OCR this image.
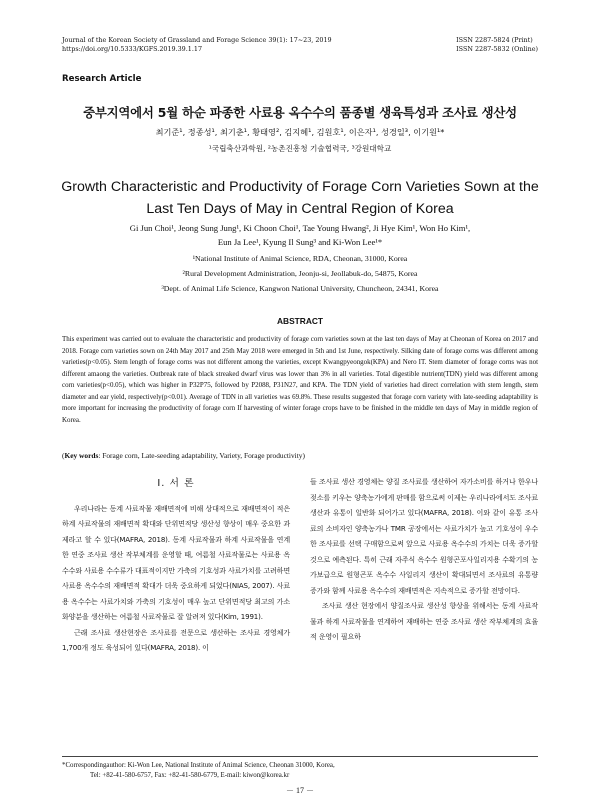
Journal of the Korean Society of Grassland and Forage Science 39(1): 17~23, 2019
https://doi.org/10.5333/KGFS.2019.39.1.17
ISSN 2287-5824 (Print)
ISSN 2287-5832 (Online)
Research Article
중부지역에서 5월 하순 파종한 사료용 옥수수의 품종별 생육특성과 조사료 생산성
최기준¹, 정종성¹, 최기춘¹, 황태영², 김지혜¹, 김원호¹, 이은자¹, 성경일³, 이기원¹*
¹국립축산과학원, ²농촌진흥청 기술협력국, ³강원대학교
Growth Characteristic and Productivity of Forage Corn Varieties Sown at the
Last Ten Days of May in Central Region of Korea
Gi Jun Choi¹, Jeong Sung Jung¹, Ki Choon Choi¹, Tae Young Hwang², Ji Hye Kim¹, Won Ho Kim¹,
Eun Ja Lee¹, Kyung Il Sung³ and Ki-Won Lee¹*
¹National Institute of Animal Science, RDA, Cheonan, 31000, Korea
²Rural Development Administration, Jeonju-si, Jeollabuk-do, 54875, Korea
³Dept. of Animal Life Science, Kangwon National University, Chuncheon, 24341, Korea
ABSTRACT
This experiment was carried out to evaluate the characteristic and productivity of forage corn varieties sown at the last ten days of May at Cheonan of Korea on 2017 and 2018. Forage corn varieties sown on 24th May 2017 and 25th May 2018 were emerged in 5th and 1st June, respectively. Silking date of forage corns was different among varieties(p<0.05). Stem length of forage corns was not different among the varieties, except Kwangpyeongok(KPA) and Nero IT. Stem diameter of forage corns was not different amaong the varieties. Outbreak rate of black streaked dwarf virus was lower than 3% in all varieties. Total digestible nutrient(TDN) yield was different among corn varieties(p<0.05), which was higher in P32P75, followed by P2088, P31N27, and KPA. The TDN yield of varieties had direct correlation with stem length, stem diameter and ear yield, respectively(p<0.01). Average of TDN in all varieties was 69.8%. These results suggested that forage corn variety with late-seeding adaptability is more important for increasing the productivity of forage corn If harvesting of winter forage crops have to be finished in the middle ten days of May in middle region of Korea.
(Key words: Forage corn, Late-seeding adaptability, Variety, Forage productivity)
Ⅰ. 서 론

우리나라는 동계 사료작물 재배면적에 비해 상대적으로 재배면적이 적은 하계 사료작물의 재배면적 확대와 단위면적당 생산성 향상이 매우 중요한 과제라고 할 수 있다(MAFRA, 2018). 동계 사료작물과 하계 사료작물을 연계한 연중 조사료 생산 작부체계를 운영할 때, 여름철 사료작물로는 사료용 옥수수와 사료용 수수류가 대표적이지만 가축의 기호성과 사료가치를 고려하면 사료용 옥수수의 재배면적 확대가 더욱 중요하게 되었다(NIAS, 2007). 사료용 옥수수는 사료가치와 가축의 기호성이 매우 높고 단위면적당 최고의 가소화양분을 생산하는 여름철 사료작물로 잘 알려져 있다(Kim, 1991).

근래 조사료 생산현장은 조사료를 전문으로 생산하는 조사료 경영체가 1,700개 정도 육성되어 있다(MAFRA, 2018). 이

들 조사료 생산 경영체는 양질 조사료를 생산하여 자가소비를 하거나 한우나 젖소를 키우는 양축농가에게 판매를 함으로써 이제는 우리나라에서도 조사료 생산과 유통이 일반화 되어가고 있다(MAFRA, 2018). 이와 같이 유통 조사료의 소비자인 양축농가나 TMR 공장에서는 사료가치가 높고 기호성이 우수한 조사료를 선택 구매함으로써 앞으로 사료용 옥수수의 가치는 더욱 증가할 것으로 예측된다. 특히 근래 자주식 옥수수 원형곤포사일리지용 수확기의 농가보급으로 원형곤포 옥수수 사일리지 생산이 확대되면서 조사료의 유통량 증가와 함께 사료용 옥수수의 재배면적은 지속적으로 증가할 전망이다.

조사료 생산 현장에서 양질조사료 생산성 향상을 위해서는 동계 사료작물과 하계 사료작물을 연계하여 재배하는 연중 조사료 생산 작부체계의 효율적 운영이 필요하

*Correspondingauthor: Ki-Won Lee, National Institute of Animal Science, Cheonan 31000, Korea,
Tel: +82-41-580-6757, Fax: +82-41-580-6779, E-mail: kiwon@korea.kr
－ 17 －
